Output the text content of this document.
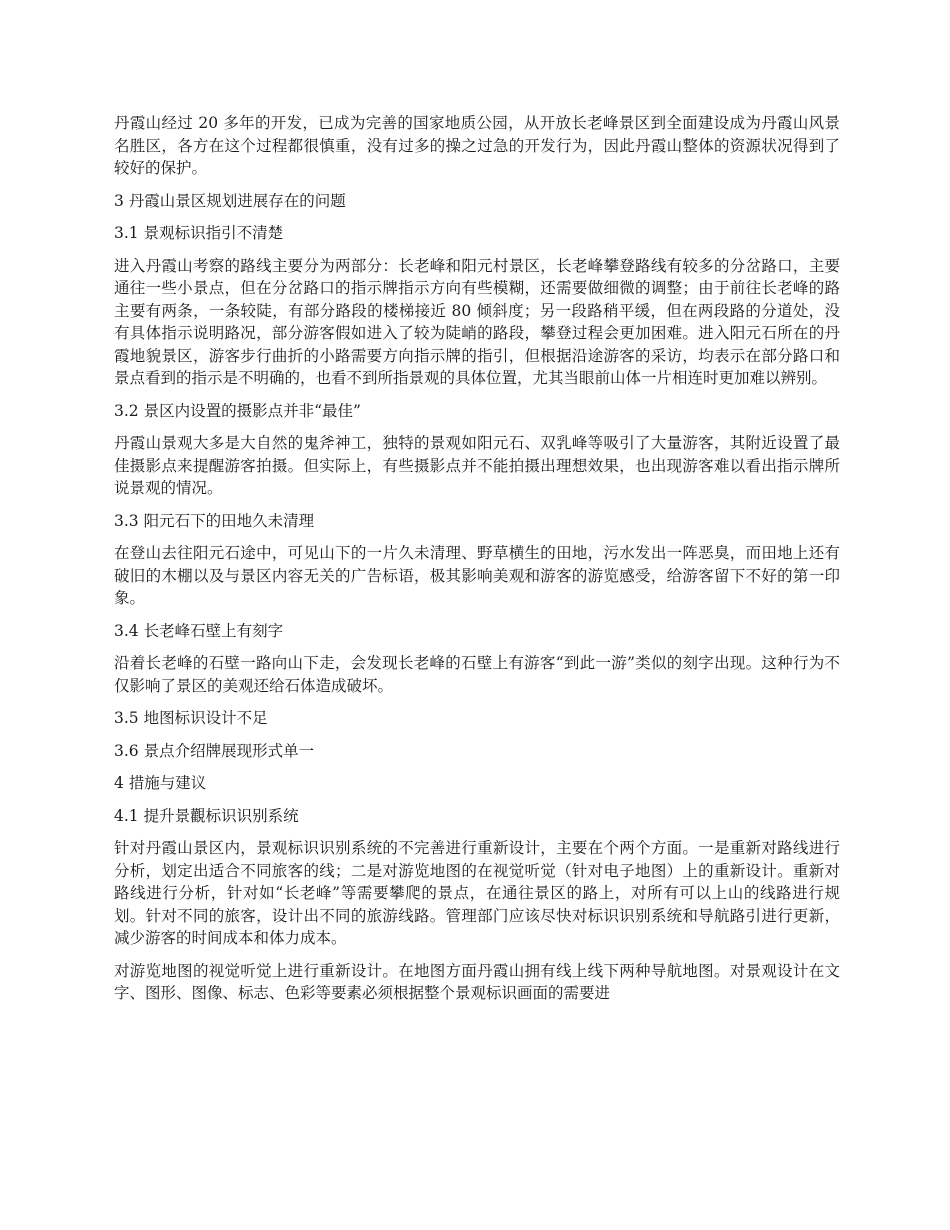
丹霞山经过 20 多年的开发，已成为完善的国家地质公园，从开放长老峰景区到全面建设成为丹霞山风景名胜区，各方在这个过程都很慎重，没有过多的操之过急的开发行为，因此丹霞山整体的资源状况得到了较好的保护。

3 丹霞山景区规划进展存在的问题

3.1 景观标识指引不清楚

进入丹霞山考察的路线主要分为两部分：长老峰和阳元村景区，长老峰攀登路线有较多的分岔路口，主要通往一些小景点，但在分岔路口的指示牌指示方向有些模糊，还需要做细微的调整；由于前往长老峰的路主要有两条，一条较陡，有部分路段的楼梯接近 80 倾斜度；另一段路稍平缓，但在两段路的分道处，没有具体指示说明路况，部分游客假如进入了较为陡峭的路段，攀登过程会更加困难。进入阳元石所在的丹霞地貌景区，游客步行曲折的小路需要方向指示牌的指引，但根据沿途游客的采访，均表示在部分路口和景点看到的指示是不明确的，也看不到所指景观的具体位置，尤其当眼前山体一片相连时更加难以辨别。

3.2 景区内设置的摄影点并非“最佳”

丹霞山景观大多是大自然的鬼斧神工，独特的景观如阳元石、双乳峰等吸引了大量游客，其附近设置了最佳摄影点来提醒游客拍摄。但实际上，有些摄影点并不能拍摄出理想效果，也出现游客难以看出指示牌所说景观的情况。

3.3 阳元石下的田地久未清理

在登山去往阳元石途中，可见山下的一片久未清理、野草横生的田地，污水发出一阵恶臭，而田地上还有破旧的木棚以及与景区内容无关的广告标语，极其影响美观和游客的游览感受，给游客留下不好的第一印象。

3.4 长老峰石壁上有刻字

沿着长老峰的石壁一路向山下走，会发现长老峰的石壁上有游客“到此一游”类似的刻字出现。这种行为不仅影响了景区的美观还给石体造成破坏。

3.5 地图标识设计不足

3.6 景点介绍牌展现形式单一

4 措施与建议

4.1 提升景觀标识识别系统

针对丹霞山景区内，景观标识识别系统的不完善进行重新设计，主要在个两个方面。一是重新对路线进行分析，划定出适合不同旅客的线；二是对游览地图的在视觉听觉（针对电子地图）上的重新设计。重新对路线进行分析，针对如“长老峰”等需要攀爬的景点，在通往景区的路上，对所有可以上山的线路进行规划。针对不同的旅客，设计出不同的旅游线路。管理部门应该尽快对标识识别系统和导航路引进行更新，减少游客的时间成本和体力成本。

对游览地图的视觉听觉上进行重新设计。在地图方面丹霞山拥有线上线下两种导航地图。对景观设计在文字、图形、图像、标志、色彩等要素必须根据整个景观标识画面的需要进
